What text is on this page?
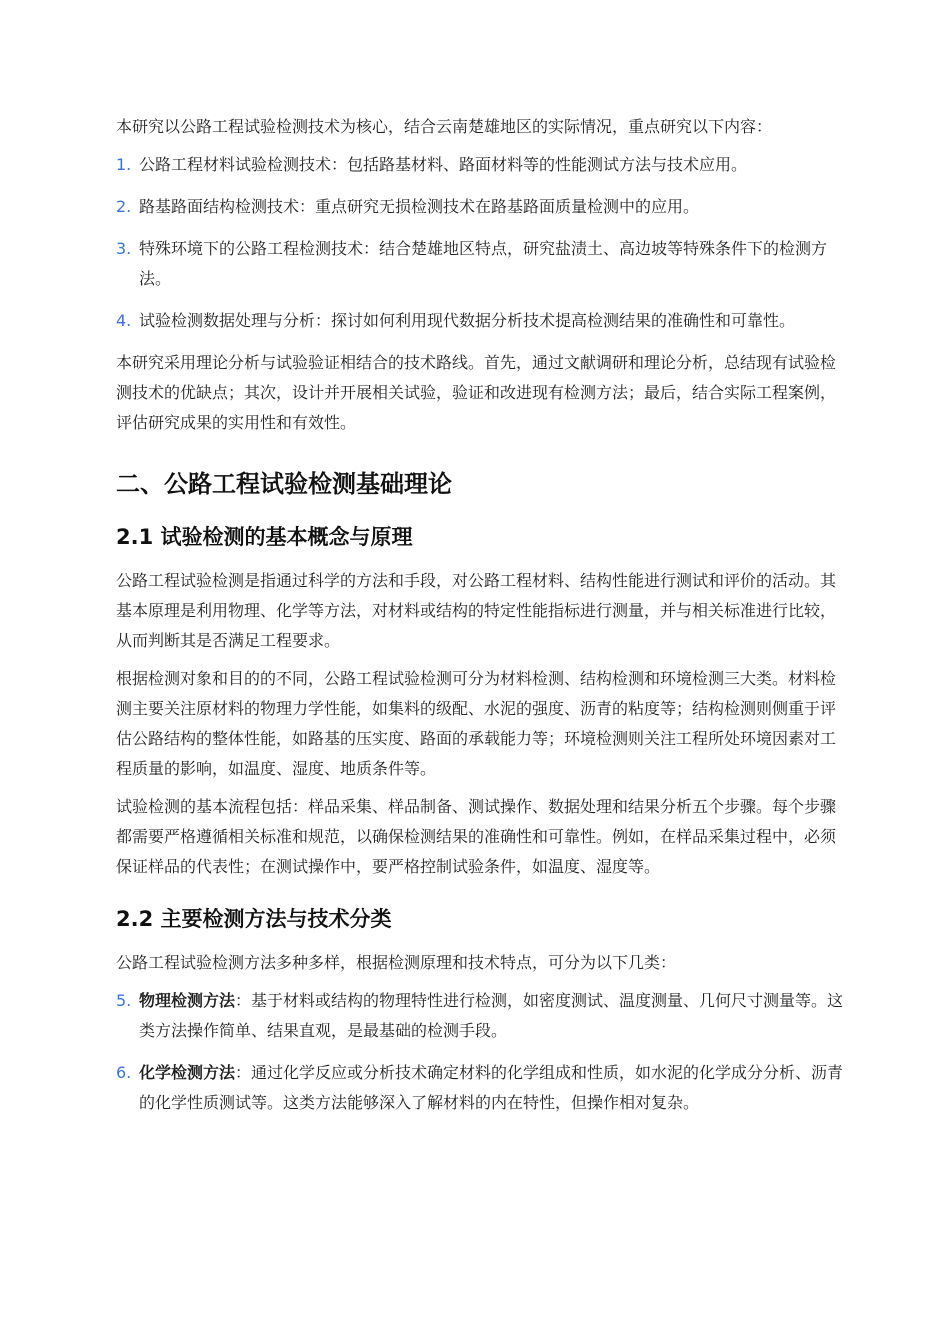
本研究以公路工程试验检测技术为核心，结合云南楚雄地区的实际情况，重点研究以下内容：

1. 公路工程材料试验检测技术：包括路基材料、路面材料等的性能测试方法与技术应用。
2. 路基路面结构检测技术：重点研究无损检测技术在路基路面质量检测中的应用。
3. 特殊环境下的公路工程检测技术：结合楚雄地区特点，研究盐渍土、高边坡等特殊条件下的检测方法。
4. 试验检测数据处理与分析：探讨如何利用现代数据分析技术提高检测结果的准确性和可靠性。

本研究采用理论分析与试验验证相结合的技术路线。首先，通过文献调研和理论分析，总结现有试验检测技术的优缺点；其次，设计并开展相关试验，验证和改进现有检测方法；最后，结合实际工程案例，评估研究成果的实用性和有效性。

二、公路工程试验检测基础理论
2.1 试验检测的基本概念与原理

公路工程试验检测是指通过科学的方法和手段，对公路工程材料、结构性能进行测试和评价的活动。其基本原理是利用物理、化学等方法，对材料或结构的特定性能指标进行测量，并与相关标准进行比较，从而判断其是否满足工程要求。

根据检测对象和目的的不同，公路工程试验检测可分为材料检测、结构检测和环境检测三大类。材料检测主要关注原材料的物理力学性能，如集料的级配、水泥的强度、沥青的粘度等；结构检测则侧重于评估公路结构的整体性能，如路基的压实度、路面的承载能力等；环境检测则关注工程所处环境因素对工程质量的影响，如温度、湿度、地质条件等。

试验检测的基本流程包括：样品采集、样品制备、测试操作、数据处理和结果分析五个步骤。每个步骤都需要严格遵循相关标准和规范，以确保检测结果的准确性和可靠性。例如，在样品采集过程中，必须保证样品的代表性；在测试操作中，要严格控制试验条件，如温度、湿度等。

2.2 主要检测方法与技术分类

公路工程试验检测方法多种多样，根据检测原理和技术特点，可分为以下几类：

5. 物理检测方法：基于材料或结构的物理特性进行检测，如密度测试、温度测量、几何尺寸测量等。这类方法操作简单、结果直观，是最基础的检测手段。
6. 化学检测方法：通过化学反应或分析技术确定材料的化学组成和性质，如水泥的化学成分分析、沥青的化学性质测试等。这类方法能够深入了解材料的内在特性，但操作相对复杂。
